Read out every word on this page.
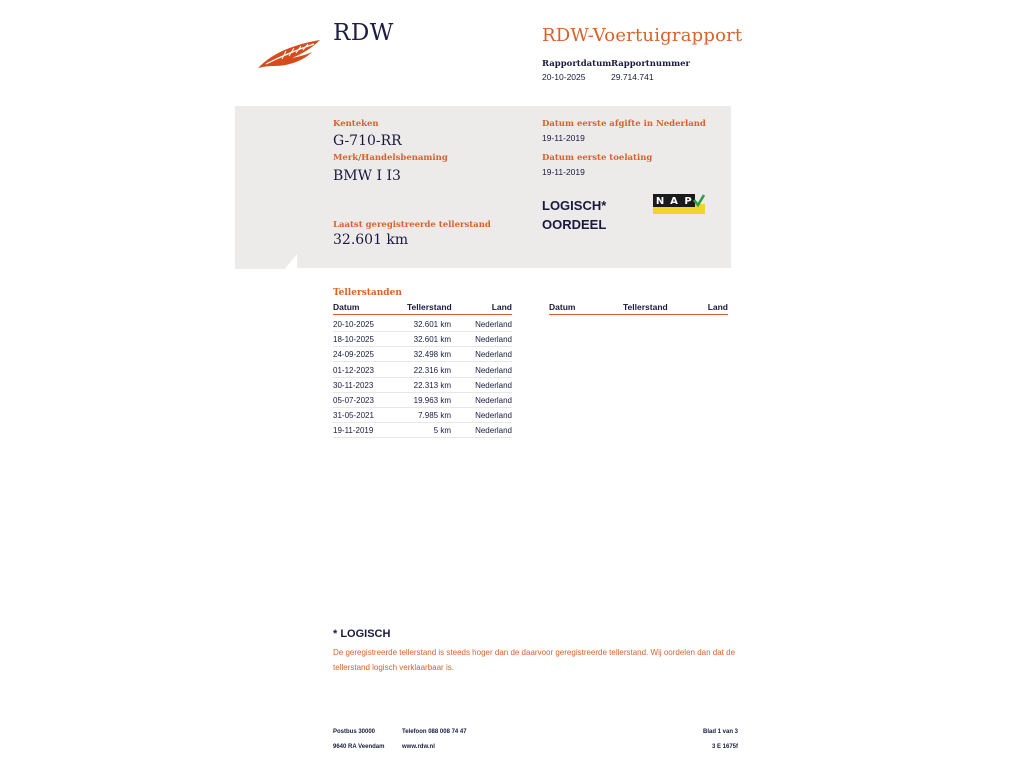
RDW	RDW-Voertuigrapport
Rapportdatum
20-10-2025
Rapportnummer
29.714.741
Kenteken
G-710-RR
Merk/Handelsbenaming
BMW I I3
Laatst geregistreerde tellerstand
32.601 km
Datum eerste afgifte in Nederland
19-11-2019
Datum eerste toelating
19-11-2019
LOGISCH*
OORDEEL
N A P
Tellerstanden
Datum	Tellerstand	Land
20-10-2025	32.601 km	Nederland
18-10-2025	32.601 km	Nederland
24-09-2025	32.498 km	Nederland
01-12-2023	22.316 km	Nederland
30-11-2023	22.313 km	Nederland
05-07-2023	19.963 km	Nederland
31-05-2021	7.985 km	Nederland
19-11-2019	5 km	Nederland
Datum	Tellerstand	Land
* LOGISCH
De geregistreerde tellerstand is steeds hoger dan de daarvoor geregistreerde tellerstand. Wij oordelen dan dat de tellerstand logisch verklaarbaar is.
Postbus 30000
9640 RA Veendam
Telefoon 088 008 74 47
www.rdw.nl
Blad 1 van 3
3 E 1675f
